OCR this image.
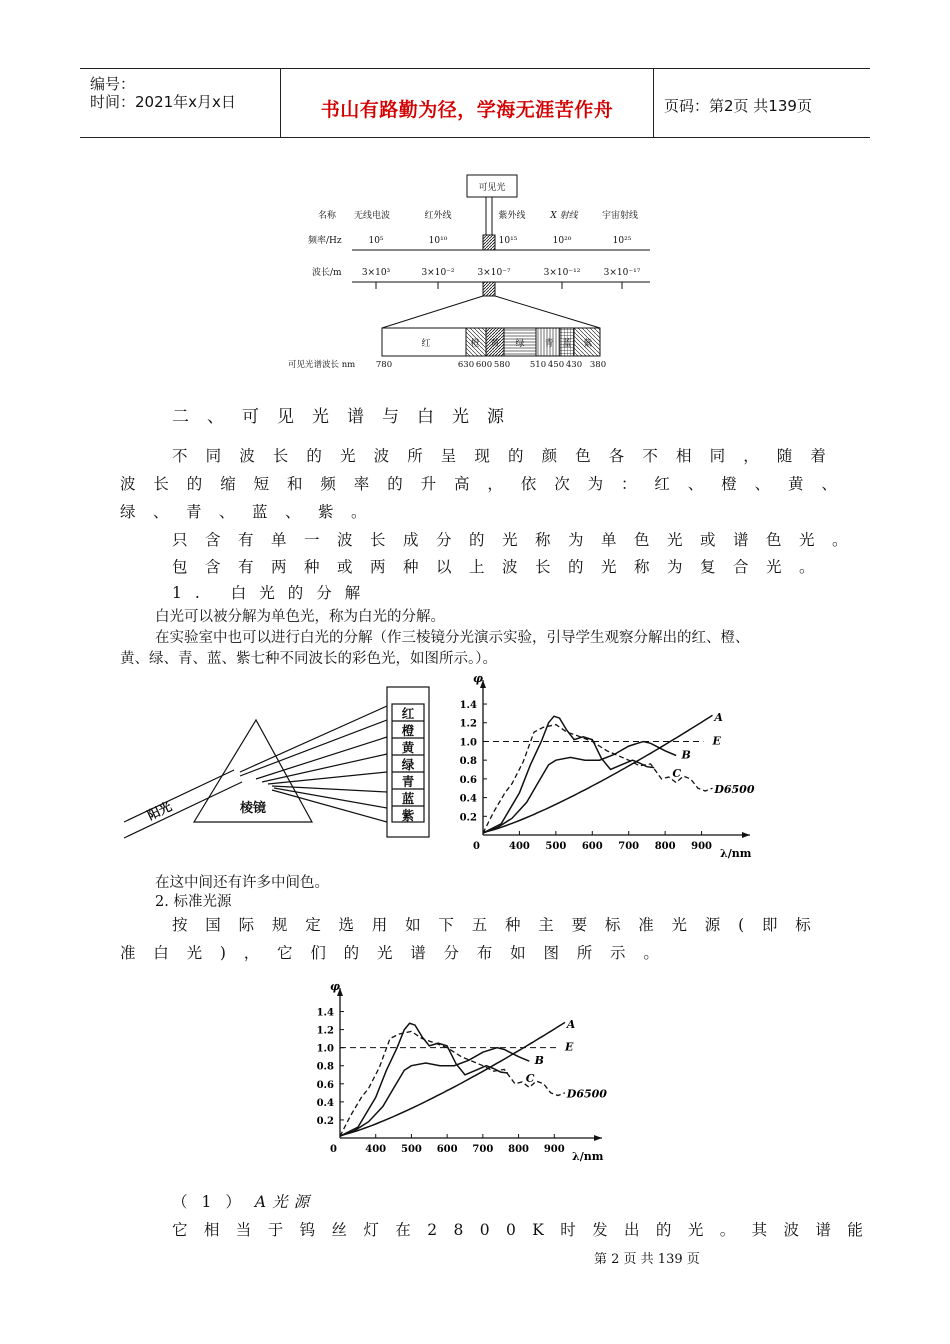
编号：
时间：2021年x月x日	书山有路勤为径，学海无涯苦作舟	页码：第2页 共139页
可见光
名称 无线电波	红外线	紫外线	X 射线	宇宙射线
频率/Hz	10⁵	10¹⁰	10¹⁵	10²⁰	10²⁵
波长/m 3×10³	3×10⁻²	3×10⁻⁷	3×10⁻¹²	3×10⁻¹⁷
红	橙 黄 绿 青 蓝 紫
可见光谱波长 nm 780	630 600 580 510 450 430 380
二、可见光谱与白光源
不同波长的光波所呈现的颜色各不相同，随着
波长的缩短和频率的升高，依次为：红、橙、黄、
绿、青、蓝、紫。
只含有单一波长成分的光称为单色光或谱色光。
包含有两种或两种以上波长的光称为复合光。
1. 白光的分解
白光可以被分解为单色光，称为白光的分解。
在实验室中也可以进行白光的分解（作三棱镜分光演示实验，引导学生观察分解出的红、橙、
黄、绿、青、蓝、紫七种不同波长的彩色光，如图所示。）。
阳光	棱镜
红
橙
黄
绿
青
蓝
紫
φ
λ/nm
0
1.4
1.2
1.0
0.8
0.6
0.4
0.2
400 500 600 700 800 900
A
E
B
C
D6500
在这中间还有许多中间色。
2. 标准光源
按国际规定选用如下五种主要标准光源(即标
准白光)，它们的光谱分布如图所示。
φ
λ/nm
0
1.4
1.2
1.0
0.8
0.6
0.4
0.2
400 500 600 700 800 900
A
E
B
C
D6500
（1）A光源
它相当于钨丝灯在2800K时发出的光。其波谱能
第 2 页 共 139 页
